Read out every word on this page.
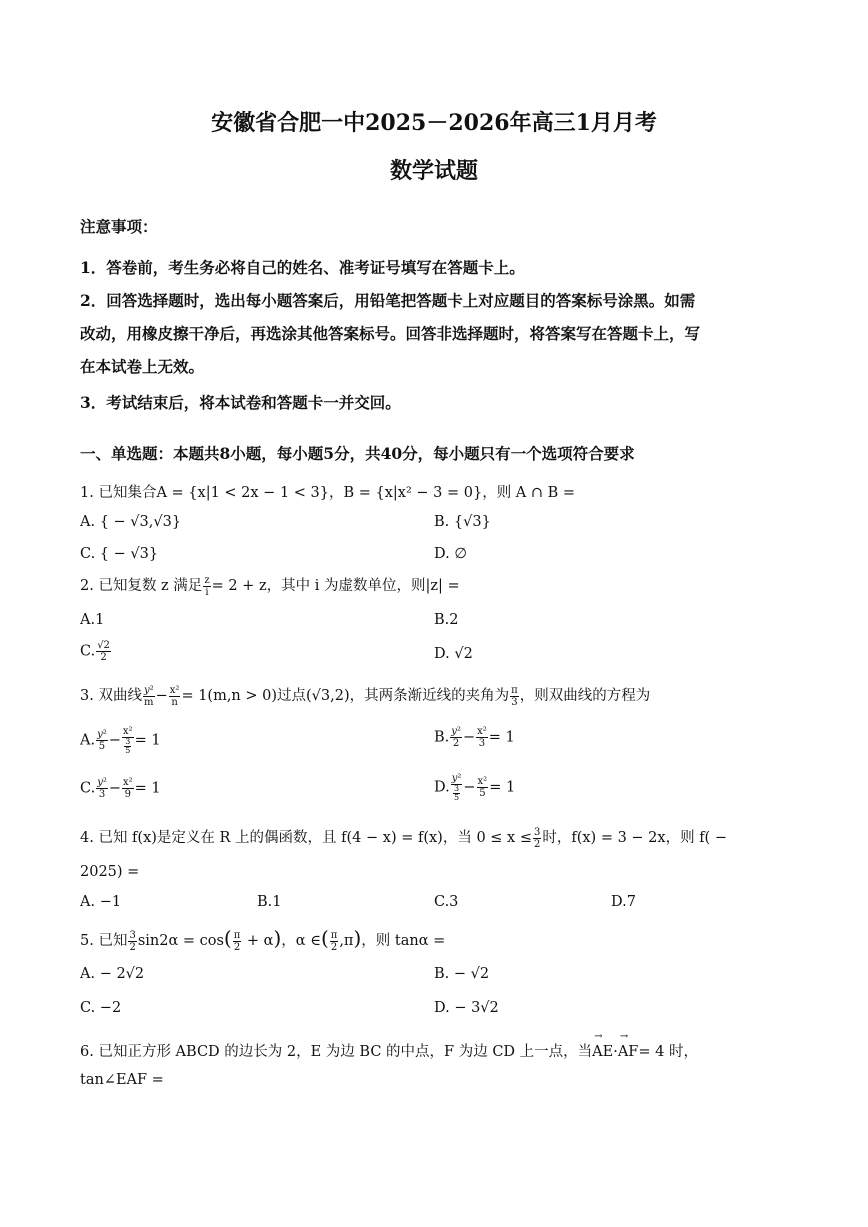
安徽省合肥一中2025－2026年高三1月月考
数学试题
注意事项：
1．答卷前，考生务必将自己的姓名、准考证号填写在答题卡上。
2．回答选择题时，选出每小题答案后，用铅笔把答题卡上对应题目的答案标号涂黑。如需
改动，用橡皮擦干净后，再选涂其他答案标号。回答非选择题时，将答案写在答题卡上，写
在本试卷上无效。
3．考试结束后，将本试卷和答题卡一并交回。
一、单选题：本题共8小题，每小题5分，共40分，每小题只有一个选项符合要求
1. 已知集合A = {x|1 < 2x − 1 < 3}，B = {x|x² − 3 = 0}，则 A ∩ B =
A. { − √3,√3}	B. {√3}
C. { − √3}	D. ∅
2. 已知复数 z 满足 $\frac{z}{i} = 2 + z$，其中 i 为虚数单位，则|z| =
A.1	B.2
C. $\frac{√2}{2}$	D. √2
3. 双曲线 $\frac{\text{y²}}{m} - \frac{\text{x²}}{n} = 1(m,n > 0)$过点(√3,2)，其两条渐近线的夹角为 $\frac{\pi}{3}$ ，则双曲线的方程为
A. $\frac{\text{y²}}{5} - \frac{\text{x²}}{\frac{3}{5}} = 1$	B. $\frac{\text{y²}}{2} - \frac{\text{x²}}{3} = 1$
C. $\frac{\text{y²}}{3} - \frac{\text{x²}}{9} = 1$	D. $\frac{\text{y²}}{\frac{3}{5}} - \frac{\text{x²}}{5} = 1$
4. 已知 f(x)是定义在 R 上的偶函数，且 f(4 − x) = f(x)，当 $0 \le x \le \frac{3}{2}$ 时，f(x) = 3 − 2x，则 f( −
2025) =
A. −1	B.1	C.3	D.7
5. 已知 $\frac{3}{2} \sin 2\alpha = \cos( \frac{\pi}{2} + \alpha)$，α ∈( $\frac{\pi}{2} ,\pi$)，则 tanα =
A. − 2√2	B. − √2
C. −2	D. − 3√2
6. 已知正方形 ABCD 的边长为 2，E 为边 BC 的中点，F 为边 CD 上一点，当→ AE·→ AF= 4 时，
tan∠EAF =
